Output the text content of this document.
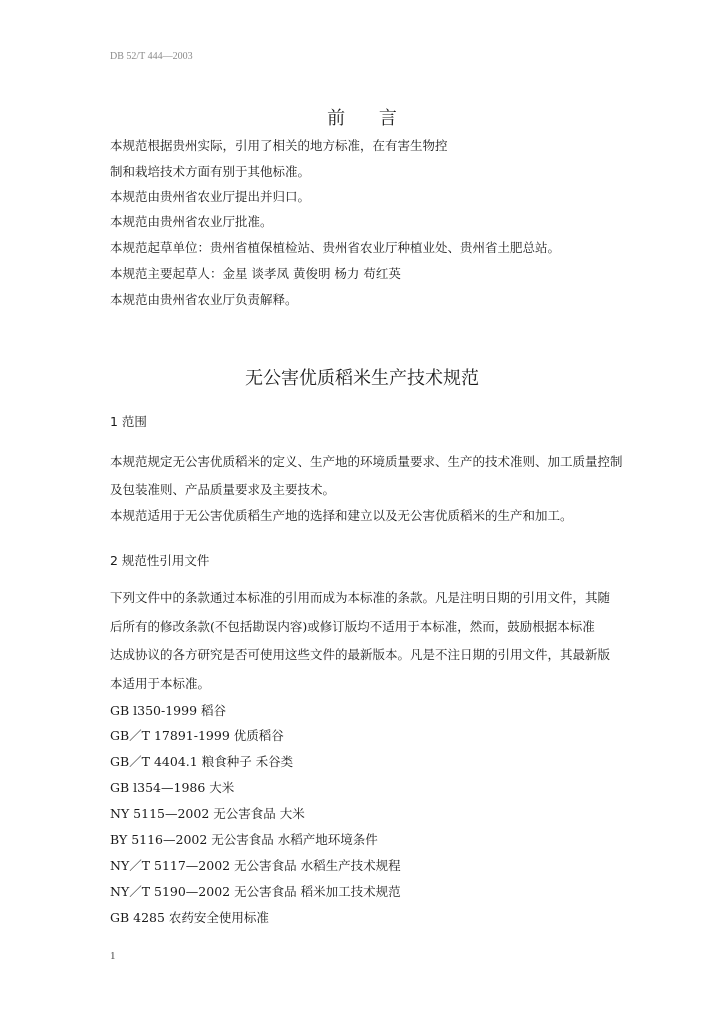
DB 52/T 444—2003
前 言
本规范根据贵州实际，引用了相关的地方标准，在有害生物控
制和栽培技术方面有别于其他标准。
本规范由贵州省农业厅提出并归口。
本规范由贵州省农业厅批准。
本规范起草单位：贵州省植保植检站、贵州省农业厅种植业处、贵州省土肥总站。
本规范主要起草人：金星 谈孝凤 黄俊明 杨力 苟红英
本规范由贵州省农业厅负责解释。
无公害优质稻米生产技术规范
1 范围
本规范规定无公害优质稻米的定义、生产地的环境质量要求、生产的技术准则、加工质量控制
及包装准则、产品质量要求及主要技术。
本规范适用于无公害优质稻生产地的选择和建立以及无公害优质稻米的生产和加工。
2 规范性引用文件
下列文件中的条款通过本标准的引用而成为本标准的条款。凡是注明日期的引用文件，其随
后所有的修改条款(不包括勘误内容)或修订版均不适用于本标准，然而，鼓励根据本标准
达成协议的各方研究是否可使用这些文件的最新版本。凡是不注日期的引用文件，其最新版
本适用于本标准。
GB l350-1999 稻谷
GB／T 17891-1999 优质稻谷
GB／T 4404.1 粮食种子 禾谷类
GB l354—1986 大米
NY 5115—2002 无公害食品 大米
BY 5116—2002 无公害食品 水稻产地环境条件
NY／T 5117—2002 无公害食品 水稻生产技术规程
NY／T 5190—2002 无公害食品 稻米加工技术规范
GB 4285 农药安全使用标准
1
